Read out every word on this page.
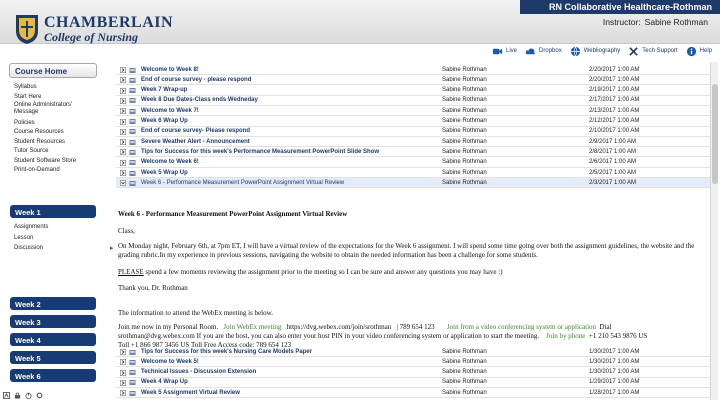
CHAMBERLAIN
College of Nursing
RN Collaborative Healthcare-Rothman
Instructor: Sabine Rothman
Live	Dropbox	Webliography	Tech Support	Help
Course Home
Syllabus
Start Here
Online Administrators' Message
Policies
Course Resources
Student Resources
Tutor Source
Student Software Store
Print-on-Demand
Week 1
Assignments
Lesson
Discussion
Week 2
Week 3
Week 4
Week 5
Week 6
▸
Welcome to Week 8!	Sabine Rothman	2/20/2017 1:00 AM
End of course survey - please respond	Sabine Rothman	2/20/2017 1:00 AM
Week 7 Wrap-up	Sabine Rothman	2/19/2017 1:00 AM
Week 8 Due Dates-Class ends Wedneday	Sabine Rothman	2/17/2017 1:00 AM
Welcome to Week 7!	Sabine Rothman	2/13/2017 1:00 AM
Week 6 Wrap Up	Sabine Rothman	2/12/2017 1:00 AM
End of course survey- Please respond	Sabine Rothman	2/10/2017 1:00 AM
Severe Weather Alert - Announcement	Sabine Rothman	2/9/2017 1:00 AM
Tips for Success for this week's Performance Measurement PowerPoint Slide Show	Sabine Rothman	2/8/2017 1:00 AM
Welcome to Week 6!	Sabine Rothman	2/6/2017 1:00 AM
Week 5 Wrap Up	Sabine Rothman	2/5/2017 1:00 AM
Week 6 - Performance Measurement PowerPoint Assignment Virtual Review	Sabine Rothman	2/3/2017 1:00 AM

Week 6 - Performance Measurement PowerPoint Assignment Virtual Review

Class,

On Monday night, February 6th, at 7pm ET, I will have a virtual review of the expectations for the Week 6 assignment. I will spend some time going over both the assignment guidelines, the website and the grading rubric.In my experience in previous sessions, navigating the website to obtain the needed information has been a challenge for some students.

PLEASE spend a few moments reviewing the assignment prior to the meeting so I can be sure and answer any questions you may have :)

Thank you, Dr. Rothman

The information to attend the WebEx meeting is below.

Join me now in my Personal Room. Join WebEx meeting https://dvg.webex.com/join/srothman | 789 654 123 Join from a video conferencing system or application Dial

srothman@dvg.webex.com If you are the host, you can also enter your host PIN in your video conferencing system or application to start the meeting. Join by phone +1 210 543 9876 US

Toll +1 866 987 3456 US Toll Free Access code: 789 654 123

Tips for Success for this week's Nursing Care Models Paper	Sabine Rothman	1/30/2017 1:00 AM
Welcome to Week 5!	Sabine Rothman	1/30/2017 1:00 AM
Technical Issues - Discussion Extension	Sabine Rothman	1/30/2017 1:00 AM
Week 4 Wrap Up	Sabine Rothman	1/29/2017 1:00 AM
Week 5 Assignment Virtual Review	Sabine Rothman	1/28/2017 1:00 AM
